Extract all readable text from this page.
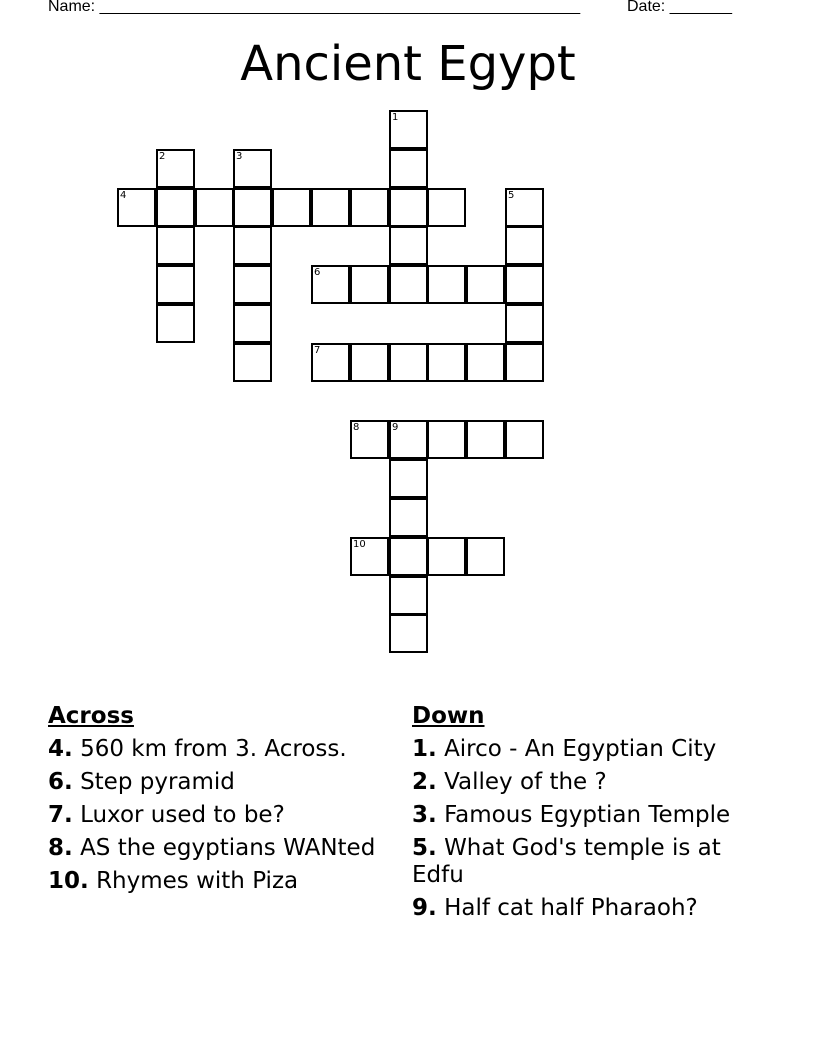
Name: ______________________________________________________	Date: _______
Ancient Egypt
1
2	3
4	5
6
7
8	9
10
Across
4. 560 km from 3. Across.
6. Step pyramid
7. Luxor used to be?
8. AS the egyptians WANted
10. Rhymes with Piza
Down
1. Airco - An Egyptian City
2. Valley of the ?
3. Famous Egyptian Temple
5. What God's temple is at Edfu
9. Half cat half Pharaoh?
